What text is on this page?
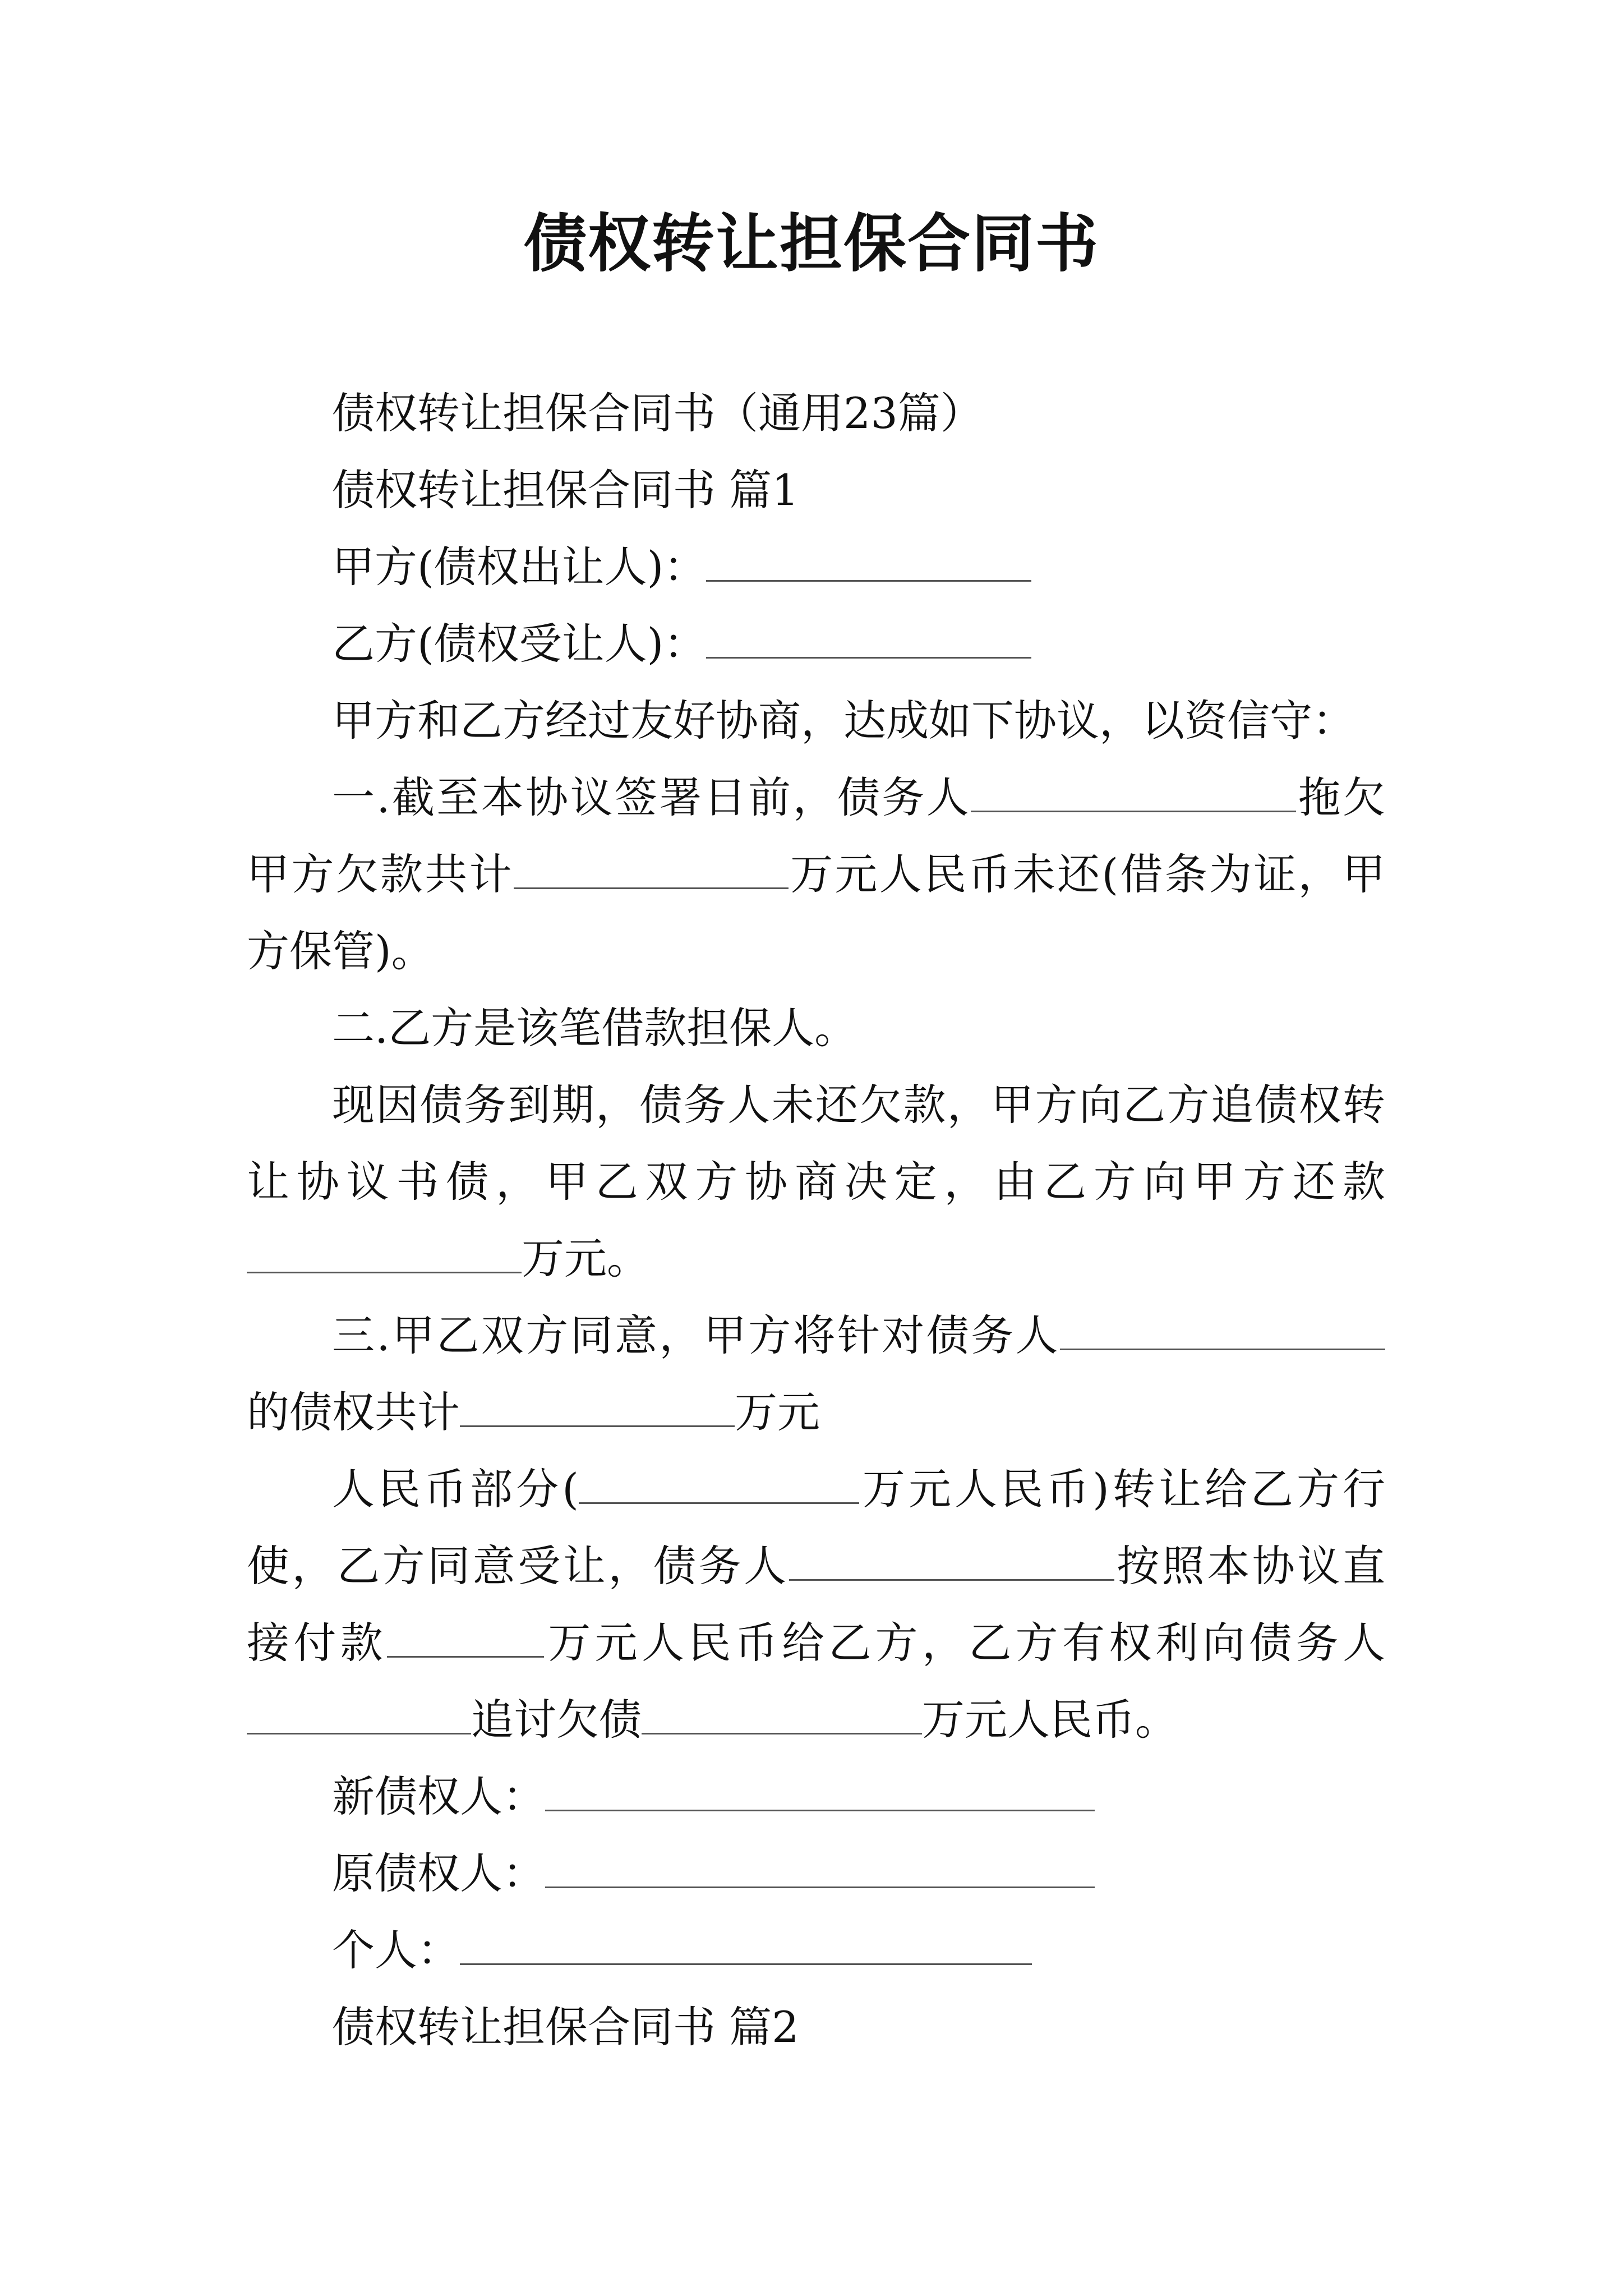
债权转让担保合同书
债权转让担保合同书（通用23篇）
债权转让担保合同书 篇1
甲方(债权出让人)：
乙方(债权受让人)：
甲方和乙方经过友好协商，达成如下协议，以资信守：
一.截至本协议签署日前，债务人	拖欠
甲方欠款共计	万元人民币未还(借条为证，甲
方保管)。
二.乙方是该笔借款担保人。
现因债务到期，债务人未还欠款，甲方向乙方追债权转
让协议书债，甲乙双方协商决定，由乙方向甲方还款
万元。
三.甲乙双方同意，甲方将针对债务人
的债权共计	万元
人民币部分(	万元人民币)转让给乙方行
使，乙方同意受让，债务人	按照本协议直
接付款	万元人民币给乙方，乙方有权利向债务人
追讨欠债	万元人民币。
新债权人：
原债权人：
个人：
债权转让担保合同书 篇2
